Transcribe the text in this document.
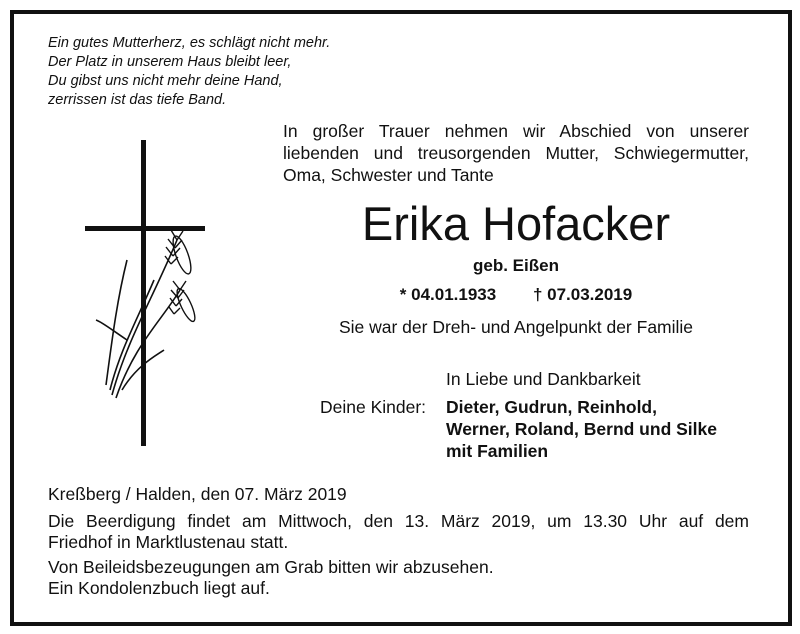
Ein gutes Mutterherz, es schlägt nicht mehr.
Der Platz in unserem Haus bleibt leer,
Du gibst uns nicht mehr deine Hand,
zerrissen ist das tiefe Band.
In großer Trauer nehmen wir Abschied von unserer
liebenden und treusorgenden Mutter, Schwiegermutter,
Oma, Schwester und Tante
Erika Hofacker
geb. Eißen
* 04.01.1933 † 07.03.2019
Sie war der Dreh- und Angelpunkt der Familie
In Liebe und Dankbarkeit
Deine Kinder: Dieter, Gudrun, Reinhold,
Werner, Roland, Bernd und Silke
mit Familien
Kreßberg / Halden, den 07. März 2019
Die Beerdigung findet am Mittwoch, den 13. März 2019, um 13.30 Uhr auf dem
Friedhof in Marktlustenau statt.
Von Beileidsbezeugungen am Grab bitten wir abzusehen.
Ein Kondolenzbuch liegt auf.
